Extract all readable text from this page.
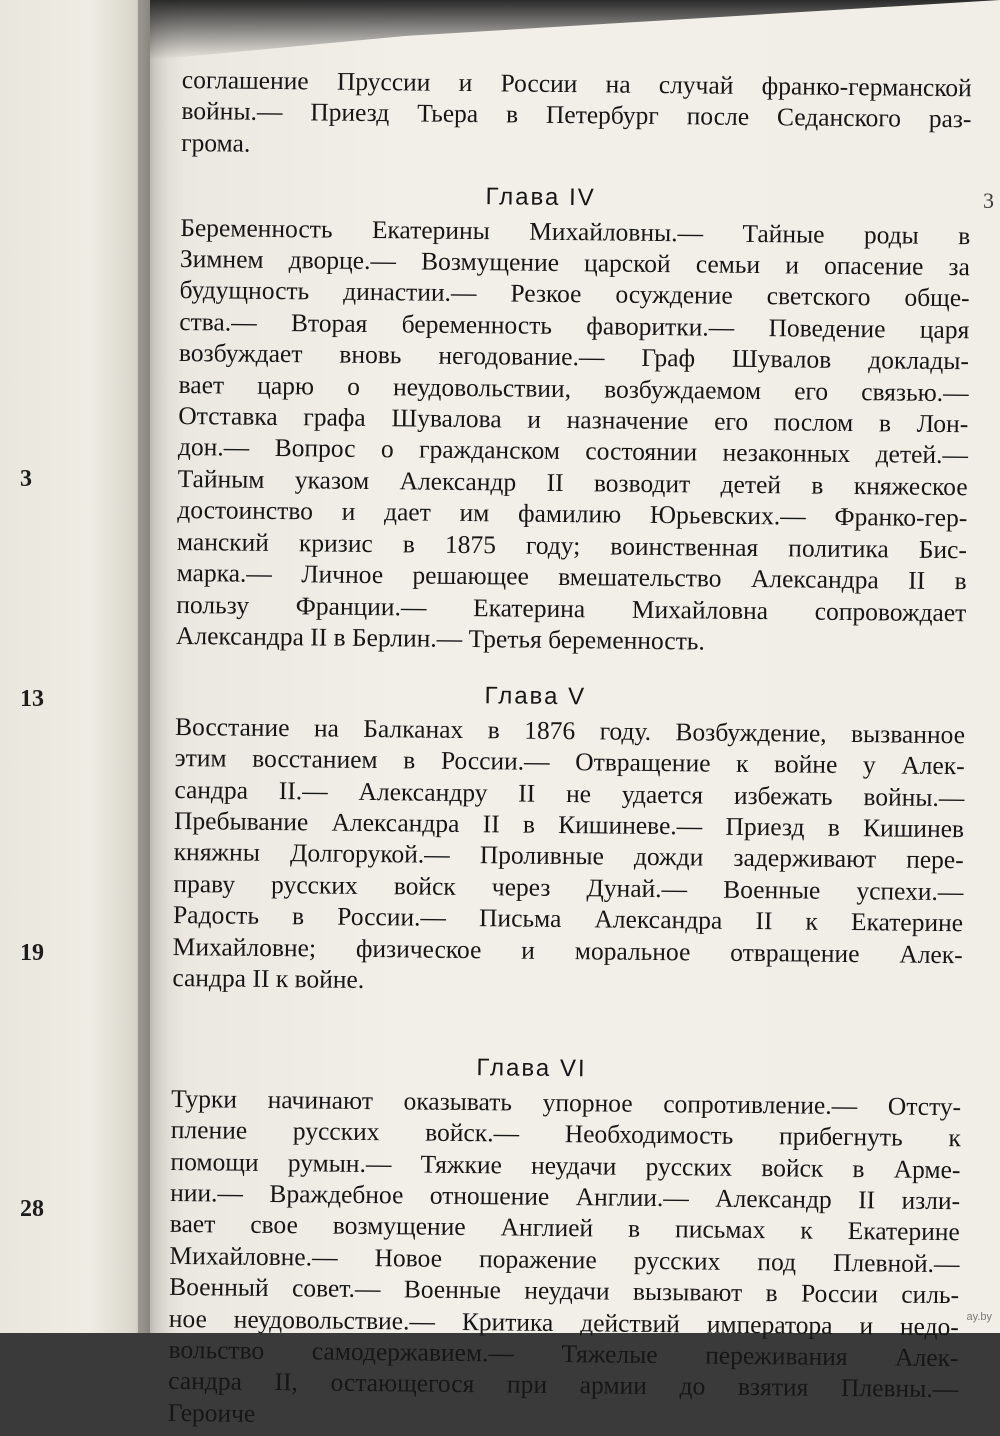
3
13
19
28
3
соглашение Пруссии и России на случай франко-германской
войны.— Приезд Тьера в Петербург после Седанского раз-
грома.
Глава IV
Беременность Екатерины Михайловны.— Тайные роды в
Зимнем дворце.— Возмущение царской семьи и опасение за
будущность династии.— Резкое осуждение светского обще-
ства.— Вторая беременность фаворитки.— Поведение царя
возбуждает вновь негодование.— Граф Шувалов доклады-
вает царю о неудовольствии, возбуждаемом его связью.—
Отставка графа Шувалова и назначение его послом в Лон-
дон.— Вопрос о гражданском состоянии незаконных детей.—
Тайным указом Александр II возводит детей в княжеское
достоинство и дает им фамилию Юрьевских.— Франко-гер-
манский кризис в 1875 году; воинственная политика Бис-
марка.— Личное решающее вмешательство Александра II в
пользу Франции.— Екатерина Михайловна сопровождает
Александра II в Берлин.— Третья беременность.
Глава V
Восстание на Балканах в 1876 году. Возбуждение, вызванное
этим восстанием в России.— Отвращение к войне у Алек-
сандра II.— Александру II не удается избежать войны.—
Пребывание Александра II в Кишиневе.— Приезд в Кишинев
княжны Долгорукой.— Проливные дожди задерживают пере-
праву русских войск через Дунай.— Военные успехи.—
Радость в России.— Письма Александра II к Екатерине
Михайловне; физическое и моральное отвращение Алек-
сандра II к войне.
Глава VI
Турки начинают оказывать упорное сопротивление.— Отсту-
пление русских войск.— Необходимость прибегнуть к
помощи румын.— Тяжкие неудачи русских войск в Арме-
нии.— Враждебное отношение Англии.— Александр II изли-
вает свое возмущение Англией в письмах к Екатерине
Михайловне.— Новое поражение русских под Плевной.—
Военный совет.— Военные неудачи вызывают в России силь-
ное неудовольствие.— Критика действий императора и недо-
вольство самодержавием.— Тяжелые переживания Алек-
сандра II, остающегося при армии до взятия Плевны.—
Героиче
ay.by
